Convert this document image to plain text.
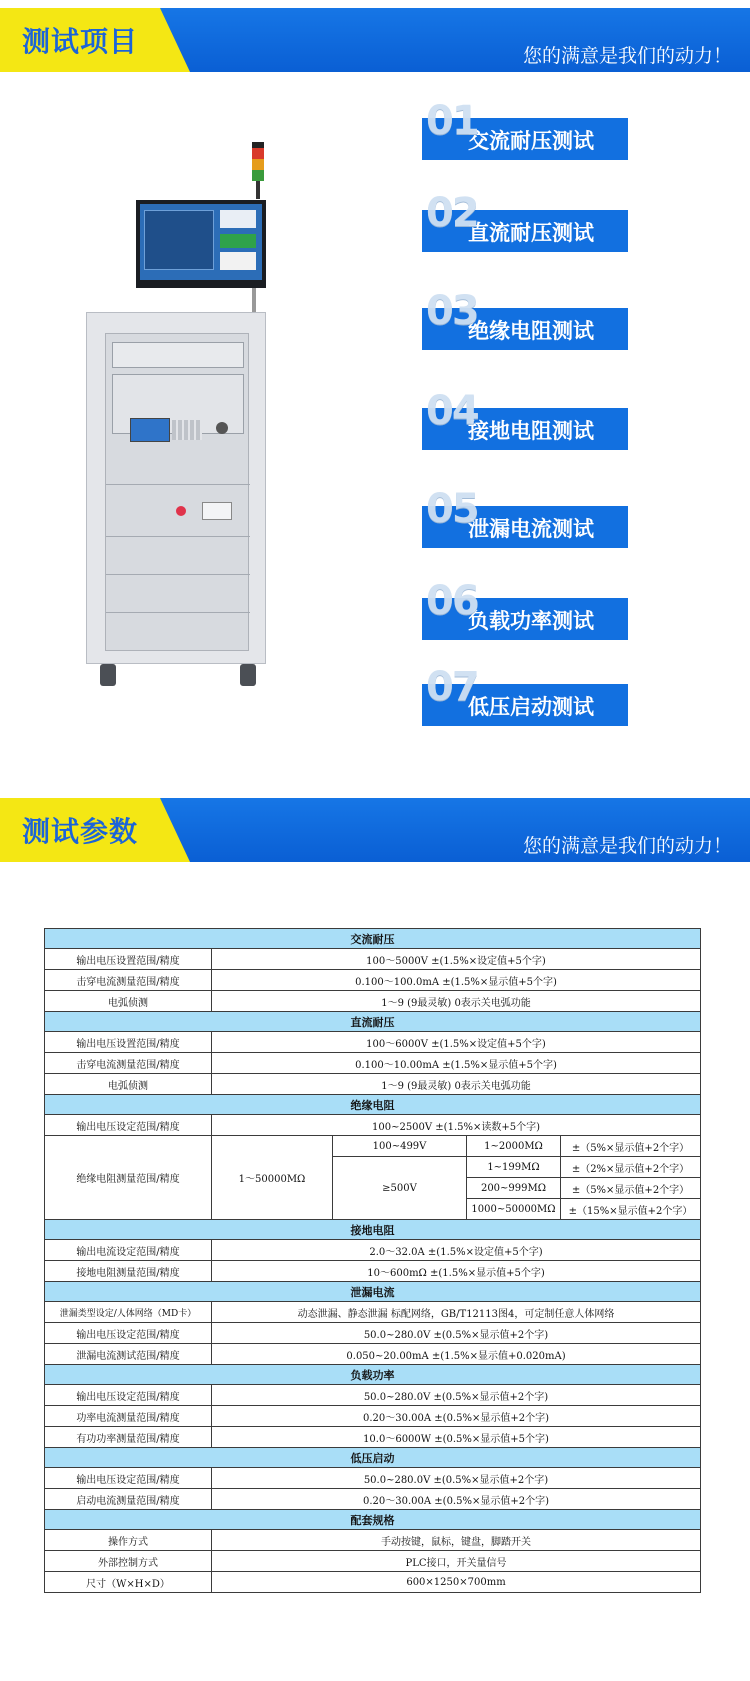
测试项目	您的满意是我们的动力！
01
交流耐压测试
02
直流耐压测试
03
绝缘电阻测试
04
接地电阻测试
05
泄漏电流测试
06
负载功率测试
07
低压启动测试
测试参数	您的满意是我们的动力！
交流耐压				
输出电压设置范围/精度	100～5000V ±(1.5%×设定值+5个字)			
击穿电流测量范围/精度	0.100～100.0mA ±(1.5%×显示值+5个字)			
电弧侦测	1～9 (9最灵敏) 0表示关电弧功能			
直流耐压				
输出电压设置范围/精度	100～6000V ±(1.5%×设定值+5个字)			
击穿电流测量范围/精度	0.100～10.00mA ±(1.5%×显示值+5个字)			
电弧侦测	1～9 (9最灵敏) 0表示关电弧功能			
绝缘电阻				
输出电压设定范围/精度	100~2500V ±(1.5%×读数+5个字)			
绝缘电阻测量范围/精度	1～50000MΩ	100~499V	1~2000MΩ	±（5%×显示值+2个字）
		≥500V	1~199MΩ	±（2%×显示值+2个字）
			200~999MΩ	±（5%×显示值+2个字）
			1000~50000MΩ	±（15%×显示值+2个字）
接地电阻				
输出电流设定范围/精度	2.0～32.0A ±(1.5%×设定值+5个字)			
接地电阻测量范围/精度	10～600mΩ ±(1.5%×显示值+5个字)			
泄漏电流				
泄漏类型设定/人体网络（MD卡）	动态泄漏、静态泄漏 标配网络，GB/T12113图4，可定制任意人体网络			
输出电压设定范围/精度	50.0~280.0V ±(0.5%×显示值+2个字)			
泄漏电流测试范围/精度	0.050~20.00mA ±(1.5%×显示值+0.020mA)			
负载功率				
输出电压设定范围/精度	50.0~280.0V ±(0.5%×显示值+2个字)			
功率电流测量范围/精度	0.20～30.00A ±(0.5%×显示值+2个字)			
有功功率测量范围/精度	10.0～6000W ±(0.5%×显示值+5个字)			
低压启动				
输出电压设定范围/精度	50.0~280.0V ±(0.5%×显示值+2个字)			
启动电流测量范围/精度	0.20～30.00A ±(0.5%×显示值+2个字)			
配套规格				
操作方式	手动按键，鼠标，键盘，脚踏开关			
外部控制方式	PLC接口，开关量信号			
尺寸（W×H×D）	600×1250×700mm			
